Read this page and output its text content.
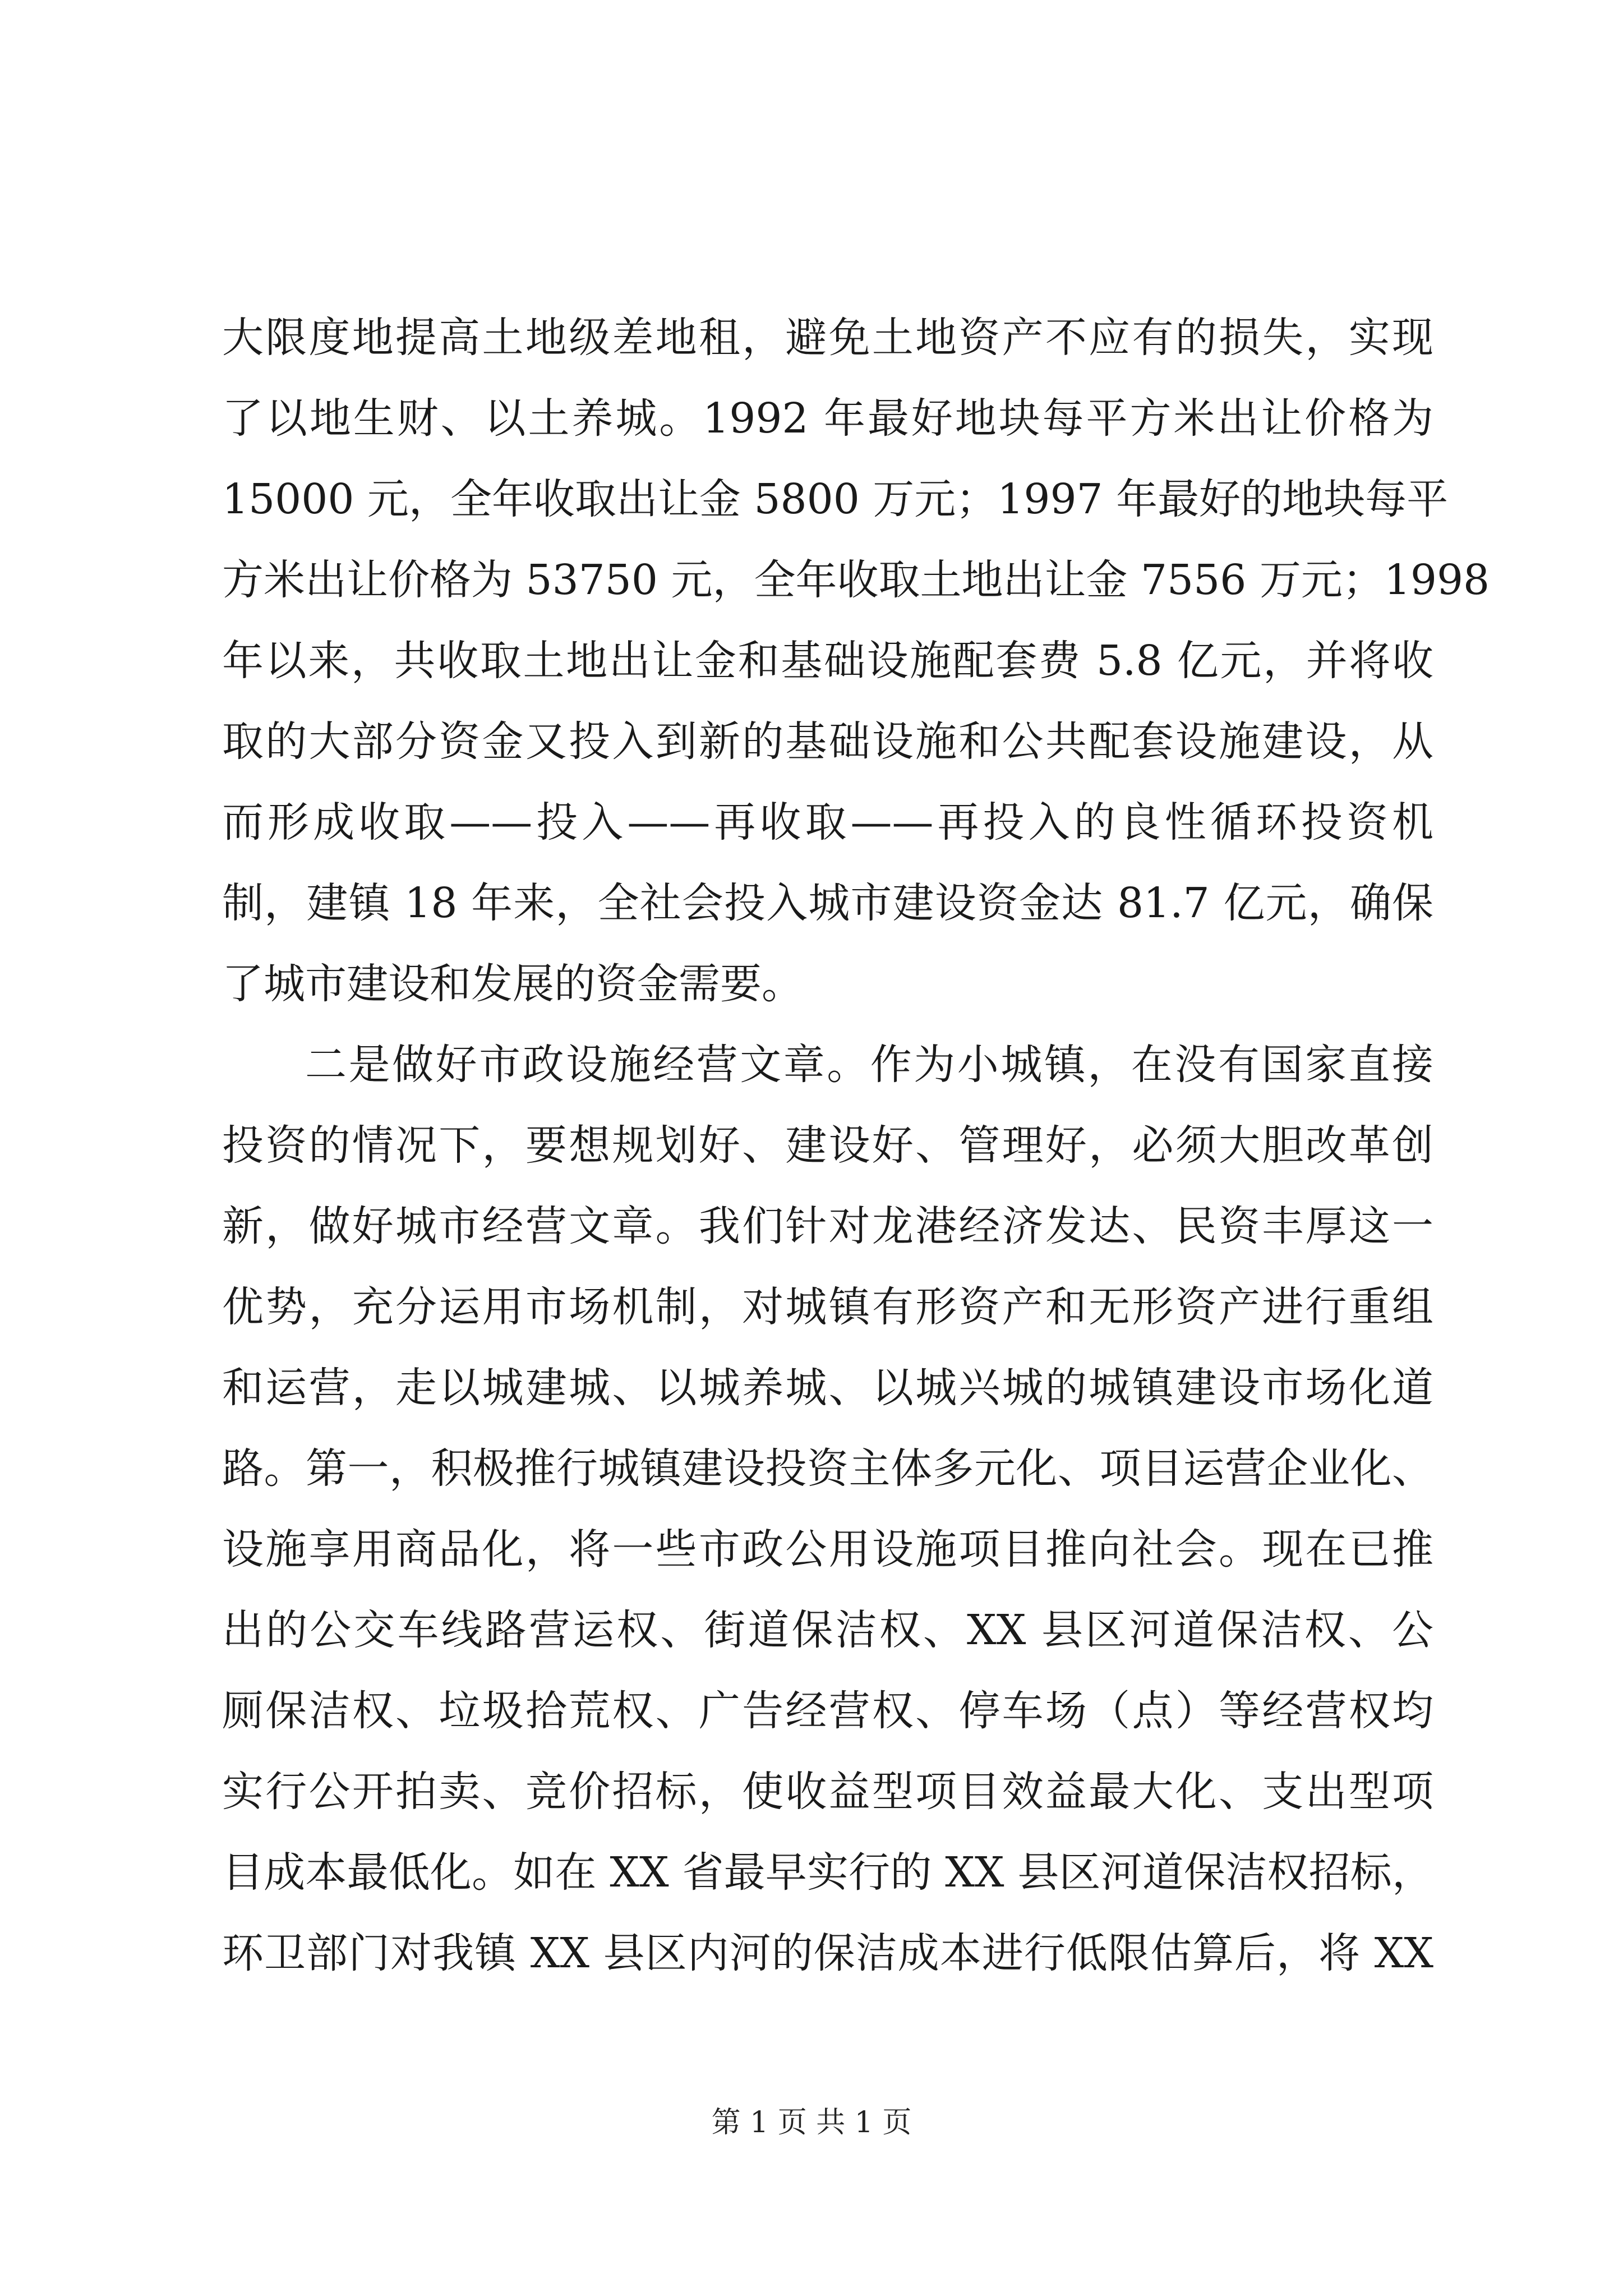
大限度地提高土地级差地租，避免土地资产不应有的损失，实现
了以地生财、以土养城。1992 年最好地块每平方米出让价格为
15000 元，全年收取出让金 5800 万元；1997 年最好的地块每平
方米出让价格为 53750 元，全年收取土地出让金 7556 万元；1998
年以来，共收取土地出让金和基础设施配套费 5.8 亿元，并将收
取的大部分资金又投入到新的基础设施和公共配套设施建设，从
而形成收取——投入——再收取——再投入的良性循环投资机
制，建镇 18 年来，全社会投入城市建设资金达 81.7 亿元，确保
了城市建设和发展的资金需要。
二是做好市政设施经营文章。作为小城镇，在没有国家直接
投资的情况下，要想规划好、建设好、管理好，必须大胆改革创
新，做好城市经营文章。我们针对龙港经济发达、民资丰厚这一
优势，充分运用市场机制，对城镇有形资产和无形资产进行重组
和运营，走以城建城、以城养城、以城兴城的城镇建设市场化道
路。第一，积极推行城镇建设投资主体多元化、项目运营企业化、
设施享用商品化，将一些市政公用设施项目推向社会。现在已推
出的公交车线路营运权、街道保洁权、XX 县区河道保洁权、公
厕保洁权、垃圾拾荒权、广告经营权、停车场（点）等经营权均
实行公开拍卖、竞价招标，使收益型项目效益最大化、支出型项
目成本最低化。如在 XX 省最早实行的 XX 县区河道保洁权招标，
环卫部门对我镇 XX 县区内河的保洁成本进行低限估算后，将 XX
第 1 页 共 1 页
